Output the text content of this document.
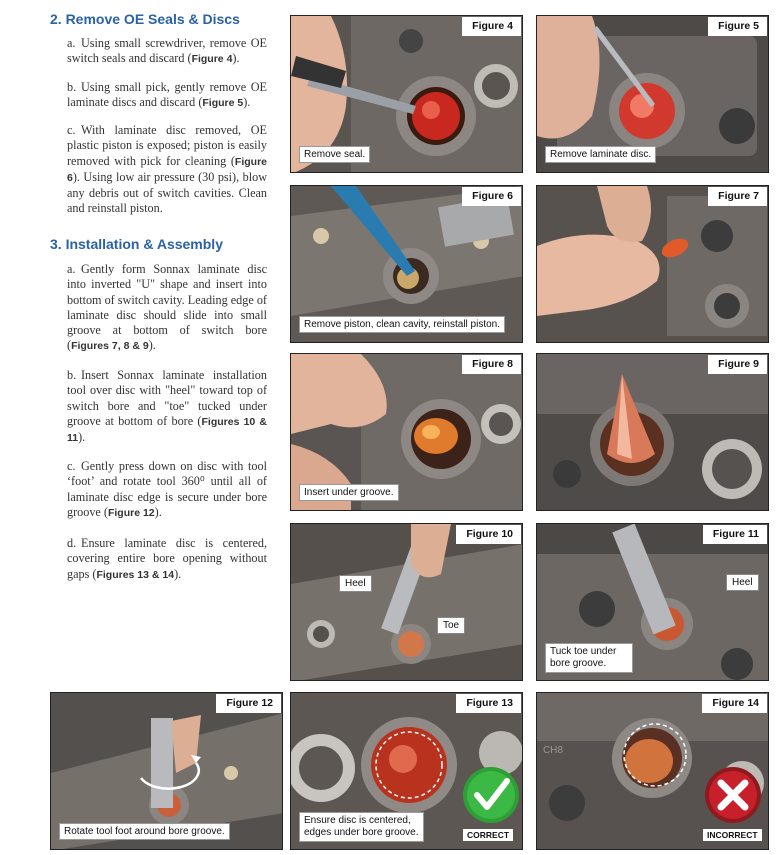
2. Remove OE Seals & Discs
a. Using small screwdriver, remove OE switch seals and discard (Figure 4).
b. Using small pick, gently remove OE laminate discs and discard (Figure 5).
c. With laminate disc removed, OE plastic piston is exposed; piston is easily removed with pick for cleaning (Figure 6). Using low air pressure (30 psi), blow any debris out of switch cavities. Clean and reinstall piston.
3. Installation & Assembly
a. Gently form Sonnax laminate disc into inverted "U" shape and insert into bottom of switch cavity. Leading edge of laminate disc should slide into small groove at bottom of switch bore (Figures 7, 8 & 9).
b. Insert Sonnax laminate installation tool over disc with "heel" toward top of switch bore and "toe" tucked under groove at bottom of bore (Figures 10 & 11).
c. Gently press down on disc with tool ‘foot’ and rotate tool 360⁰ until all of laminate disc edge is secure under bore groove (Figure 12).
d. Ensure laminate disc is centered, covering entire bore opening without gaps (Figures 13 & 14).
Figure 4
Remove seal.
Figure 5
Remove laminate disc.
Figure 6
Remove piston, clean cavity, reinstall piston.
Figure 7
Figure 8
Insert under groove.
Figure 9
Figure 10
Heel
Toe
Figure 11
Heel
Tuck toe under
bore groove.
Figure 12
Rotate tool foot around bore groove.
Figure 13
Ensure disc is centered,
edges under bore groove.	CORRECT
CH8
Figure 14
INCORRECT
